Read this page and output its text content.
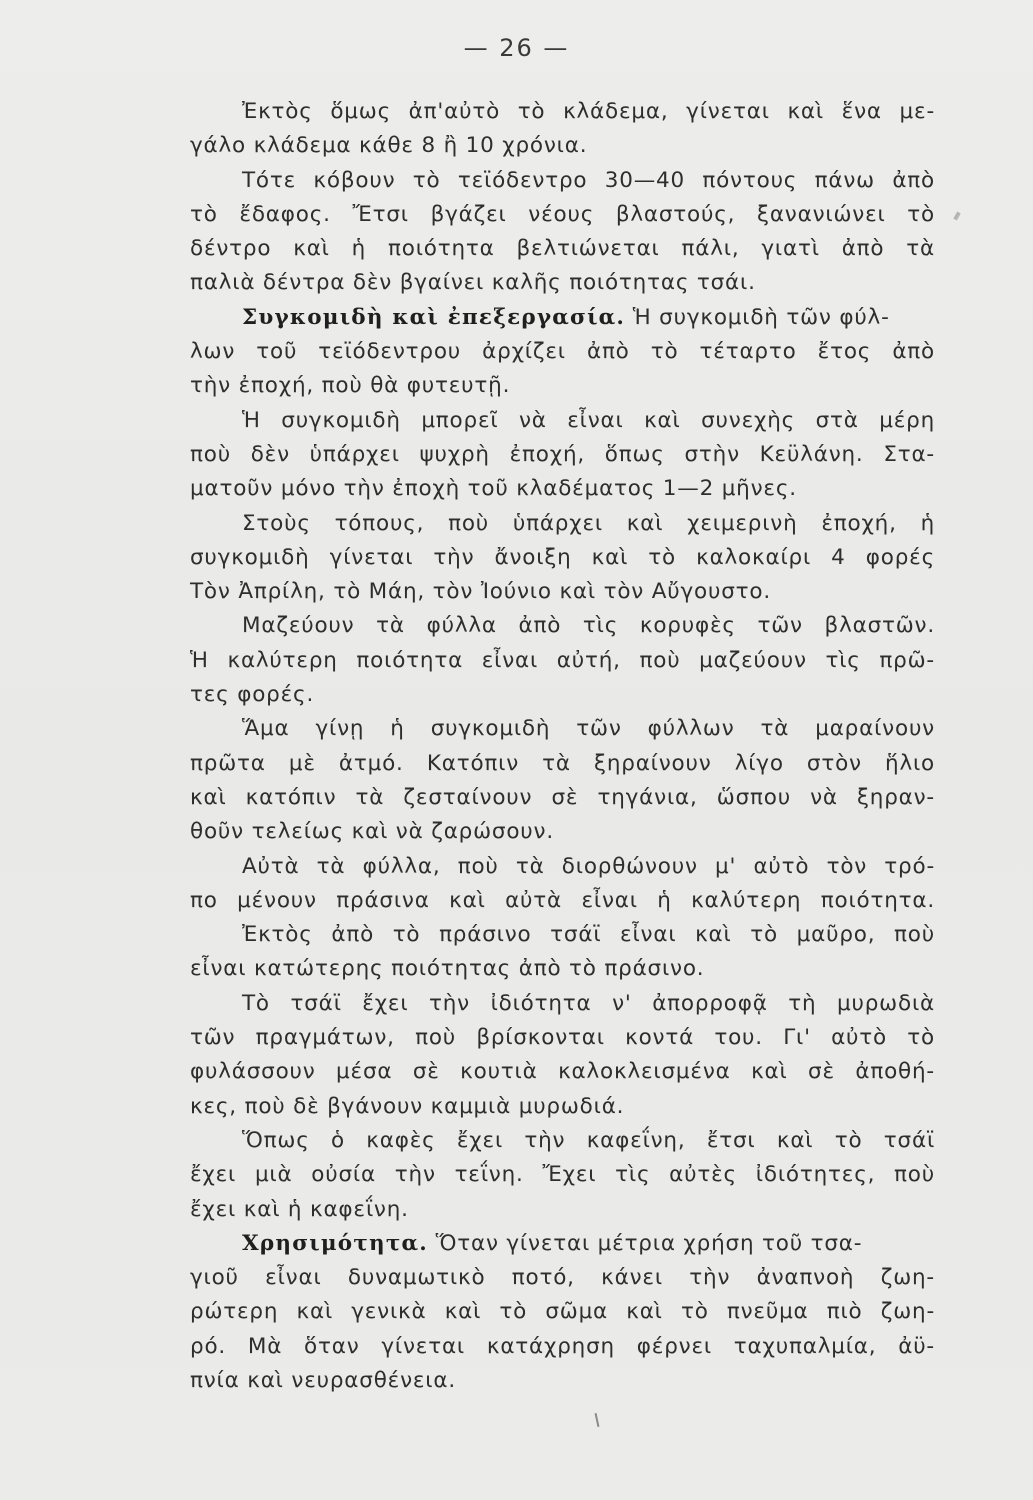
— 26 —
Ἐκτὸς ὅμως ἀπ'αὐτὸ τὸ κλάδεμα, γίνεται καὶ ἕνα με-
γάλο κλάδεμα κάθε 8 ἢ 10 χρόνια.
Τότε κόβουν τὸ τεϊόδεντρο 30—40 πόντους πάνω ἀπὸ
τὸ ἔδαφος. Ἔτσι βγάζει νέους βλαστούς, ξανανιώνει τὸ
δέντρο καὶ ἡ ποιότητα βελτιώνεται πάλι, γιατὶ ἀπὸ τὰ
παλιὰ δέντρα δὲν βγαίνει καλῆς ποιότητας τσάι.
Συγκομιδὴ καὶ ἐπεξεργασία. Ἡ συγκομιδὴ τῶν φύλ-
λων τοῦ τεϊόδεντρου ἀρχίζει ἀπὸ τὸ τέταρτο ἔτος ἀπὸ
τὴν ἐποχή, ποὺ θὰ φυτευτῇ.
Ἡ συγκομιδὴ μπορεῖ νὰ εἶναι καὶ συνεχὴς στὰ μέρη
ποὺ δὲν ὑπάρχει ψυχρὴ ἐποχή, ὅπως στὴν Κεϋλάνη. Στα-
ματοῦν μόνο τὴν ἐποχὴ τοῦ κλαδέματος 1—2 μῆνες.
Στοὺς τόπους, ποὺ ὑπάρχει καὶ χειμερινὴ ἐποχή, ἡ
συγκομιδὴ γίνεται τὴν ἄνοιξη καὶ τὸ καλοκαίρι 4 φορές
Τὸν Ἀπρίλη, τὸ Μάη, τὸν Ἰούνιο καὶ τὸν Αὔγουστο.
Μαζεύουν τὰ φύλλα ἀπὸ τὶς κορυφὲς τῶν βλαστῶν.
Ἡ καλύτερη ποιότητα εἶναι αὐτή, ποὺ μαζεύουν τὶς πρῶ-
τες φορές.
Ἅμα γίνῃ ἡ συγκομιδὴ τῶν φύλλων τὰ μαραίνουν
πρῶτα μὲ ἀτμό. Κατόπιν τὰ ξηραίνουν λίγο στὸν ἥλιο
καὶ κατόπιν τὰ ζεσταίνουν σὲ τηγάνια, ὥσπου νὰ ξηραν-
θοῦν τελείως καὶ νὰ ζαρώσουν.
Αὐτὰ τὰ φύλλα, ποὺ τὰ διορθώνουν μ' αὐτὸ τὸν τρό-
πο μένουν πράσινα καὶ αὐτὰ εἶναι ἡ καλύτερη ποιότητα.
Ἐκτὸς ἀπὸ τὸ πράσινο τσάϊ εἶναι καὶ τὸ μαῦρο, ποὺ
εἶναι κατώτερης ποιότητας ἀπὸ τὸ πράσινο.
Τὸ τσάϊ ἔχει τὴν ἰδιότητα ν' ἀπορροφᾷ τὴ μυρωδιὰ
τῶν πραγμάτων, ποὺ βρίσκονται κοντά του. Γι' αὐτὸ τὸ
φυλάσσουν μέσα σὲ κουτιὰ καλοκλεισμένα καὶ σὲ ἀποθή-
κες, ποὺ δὲ βγάνουν καμμιὰ μυρωδιά.
Ὅπως ὁ καφὲς ἔχει τὴν καφεΐνη, ἔτσι καὶ τὸ τσάϊ
ἔχει μιὰ οὐσία τὴν τεΐνη. Ἔχει τὶς αὐτὲς ἰδιότητες, ποὺ
ἔχει καὶ ἡ καφεΐνη.
Χρησιμότητα. Ὅταν γίνεται μέτρια χρήση τοῦ τσα-
γιοῦ εἶναι δυναμωτικὸ ποτό, κάνει τὴν ἀναπνοὴ ζωη-
ρώτερη καὶ γενικὰ καὶ τὸ σῶμα καὶ τὸ πνεῦμα πιὸ ζωη-
ρό. Μὰ ὅταν γίνεται κατάχρηση φέρνει ταχυπαλμία, ἀϋ-
πνία καὶ νευρασθένεια.
